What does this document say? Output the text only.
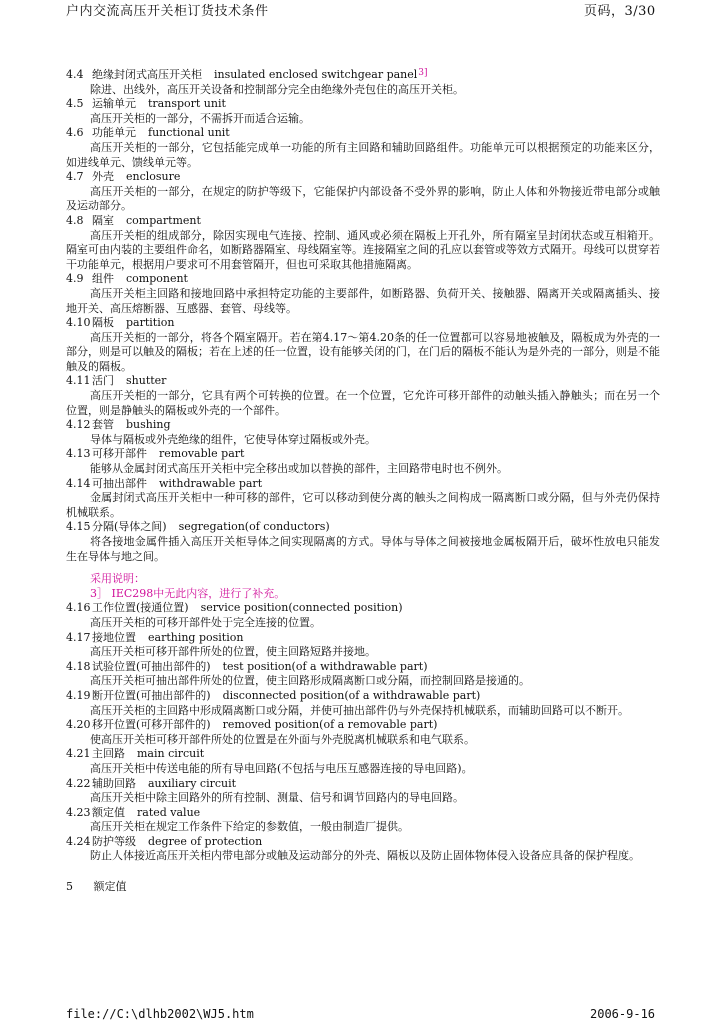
户内交流高压开关柜订货技术条件	页码，3/30
4.4 绝缘封闭式高压开关柜 insulated enclosed switchgear panel$^{3]}$
除进、出线外，高压开关设备和控制部分完全由绝缘外壳包住的高压开关柜。
4.5 运输单元 transport unit
高压开关柜的一部分，不需拆开而适合运输。
4.6 功能单元 functional unit
高压开关柜的一部分，它包括能完成单一功能的所有主回路和辅助回路组件。功能单元可以根据预定的功能来区分，如进线单元、馈线单元等。
4.7 外壳 enclosure
高压开关柜的一部分，在规定的防护等级下，它能保护内部设备不受外界的影响，防止人体和外物接近带电部分或触及运动部分。
4.8 隔室 compartment
高压开关柜的组成部分，除因实现电气连接、控制、通风或必须在隔板上开孔外，所有隔室呈封闭状态或互相箱开。隔室可由内装的主要组件命名，如断路器隔室、母线隔室等。连接隔室之间的孔应以套管或等效方式隔开。母线可以贯穿若干功能单元，根据用户要求可不用套管隔开，但也可采取其他措施隔离。
4.9 组件 component
高压开关柜主回路和接地回路中承担特定功能的主要部件，如断路器、负荷开关、接触器、隔离开关或隔离插头、接地开关、高压熔断器、互感器、套管、母线等。
4.10 隔板 partition
高压开关柜的一部分，将各个隔室隔开。若在第4.17～第4.20条的任一位置都可以容易地被触及，隔板成为外壳的一部分，则是可以触及的隔板；若在上述的任一位置，设有能够关闭的门，在门后的隔板不能认为是外壳的一部分，则是不能触及的隔板。
4.11 活门 shutter
高压开关柜的一部分，它具有两个可转换的位置。在一个位置，它允许可移开部件的动触头插入静触头；而在另一个位置，则是静触头的隔板或外壳的一个部件。
4.12 套管 bushing
导体与隔板或外壳绝缘的组件，它使导体穿过隔板或外壳。
4.13 可移开部件 removable part
能够从金属封闭式高压开关柜中完全移出或加以替换的部件，主回路带电时也不例外。
4.14 可抽出部件 withdrawable part
金属封闭式高压开关柜中一种可移的部件，它可以移动到使分离的触头之间构成一隔离断口或分隔，但与外壳仍保持机械联系。
4.15 分隔(导体之间) segregation(of conductors)
将各接地金属件插入高压开关柜导体之间实现隔离的方式。导体与导体之间被接地金属板隔开后，破坏性放电只能发生在导体与地之间。
采用说明：
3］ IEC298中无此内容，进行了补充。
4.16 工作位置(接通位置) service position(connected position)
高压开关柜的可移开部件处于完全连接的位置。
4.17 接地位置 earthing position
高压开关柜可移开部件所处的位置，使主回路短路并接地。
4.18 试验位置(可抽出部件的) test position(of a withdrawable part)
高压开关柜可抽出部件所处的位置，使主回路形成隔离断口或分隔，而控制回路是接通的。
4.19 断开位置(可抽出部件的) disconnected position(of a withdrawable part)
高压开关柜的主回路中形成隔离断口或分隔，并使可抽出部件仍与外壳保持机械联系，而辅助回路可以不断开。
4.20 移开位置(可移开部件的) removed position(of a removable part)
使高压开关柜可移开部件所处的位置是在外面与外壳脱离机械联系和电气联系。
4.21 主回路 main circuit
高压开关柜中传送电能的所有导电回路(不包括与电压互感器连接的导电回路)。
4.22 辅助回路 auxiliary circuit
高压开关柜中除主回路外的所有控制、测量、信号和调节回路内的导电回路。
4.23 额定值 rated value
高压开关柜在规定工作条件下给定的参数值，一般由制造厂提供。
4.24 防护等级 degree of protection
防止人体接近高压开关柜内带电部分或触及运动部分的外壳、隔板以及防止固体物体侵入设备应具备的保护程度。
5 额定值
file://C:\dlhb2002\WJ5.htm	2006-9-16
